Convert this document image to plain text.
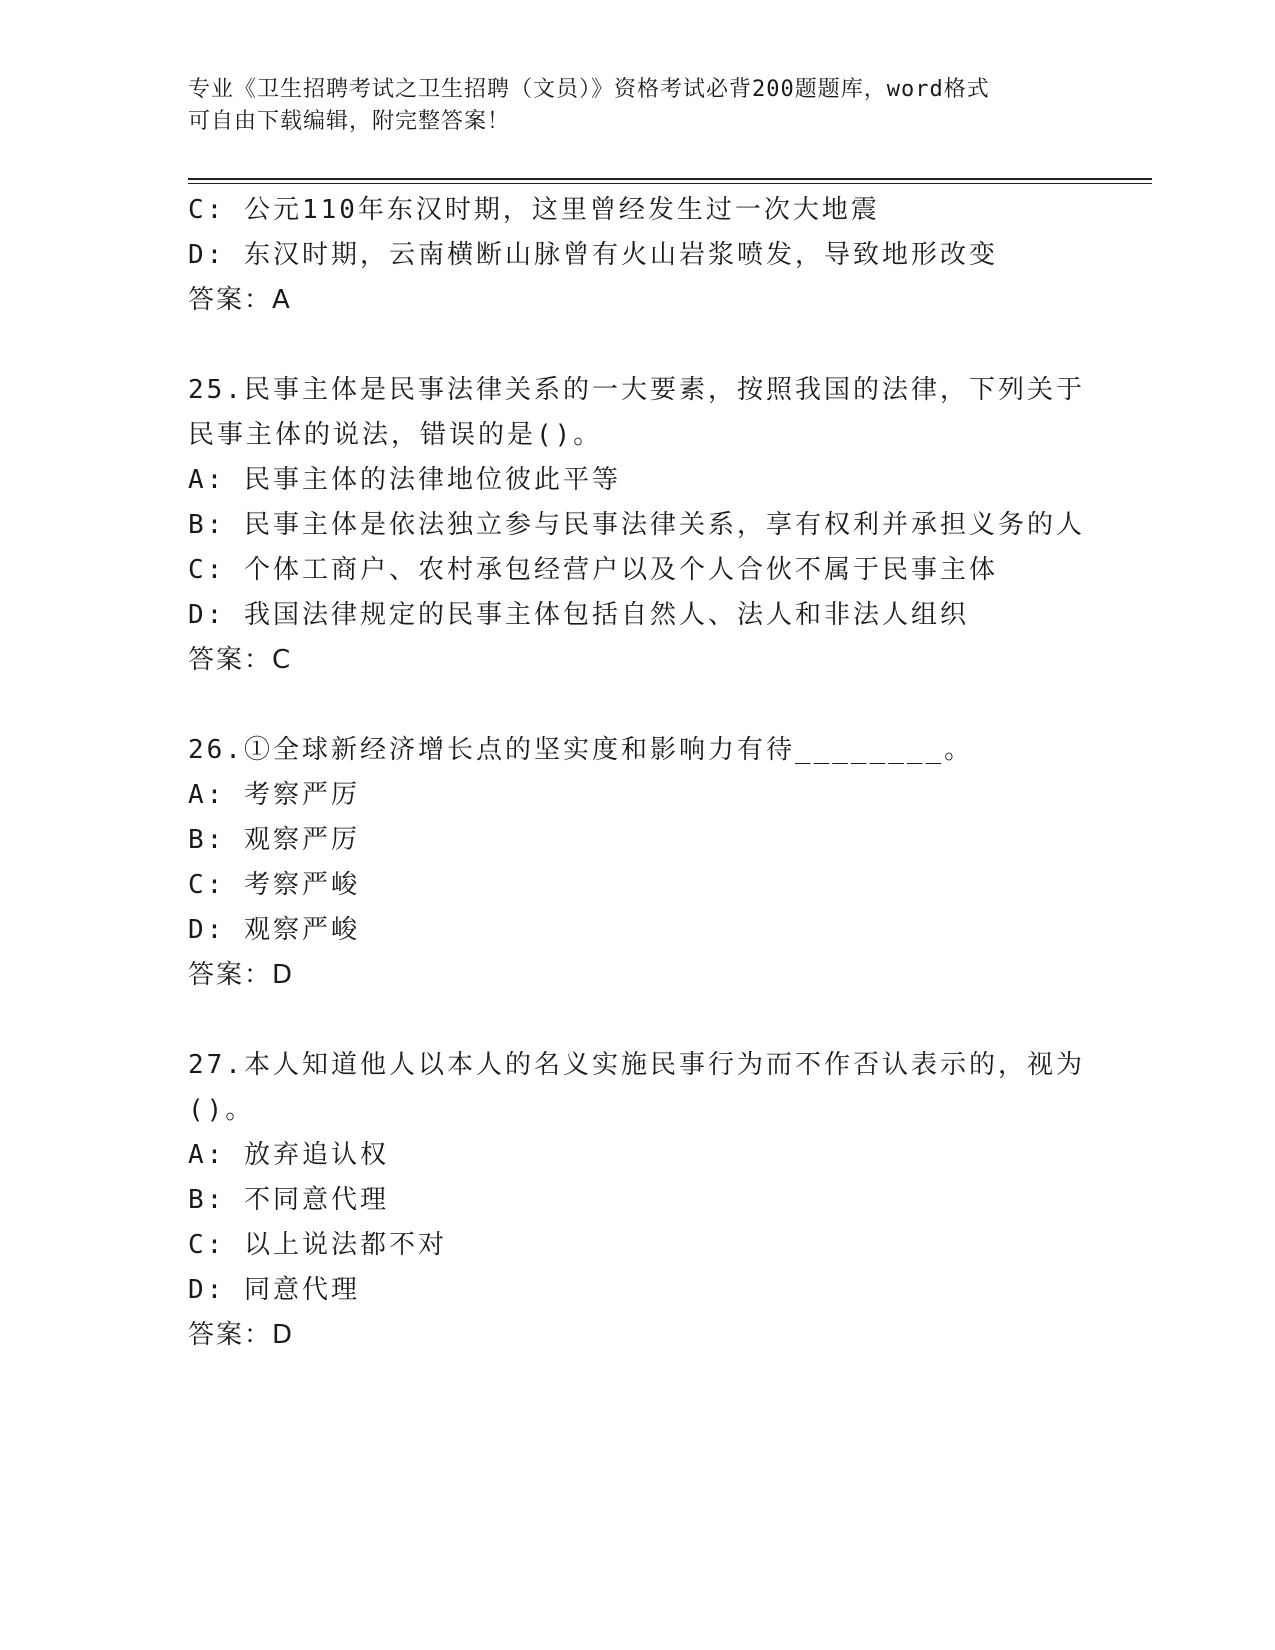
专业《卫生招聘考试之卫生招聘（文员）》资格考试必背200题题库，word格式
可自由下载编辑，附完整答案！
C: 公元110年东汉时期，这里曾经发生过一次大地震
D: 东汉时期，云南横断山脉曾有火山岩浆喷发，导致地形改变
答案：A
25.民事主体是民事法律关系的一大要素，按照我国的法律，下列关于
民事主体的说法，错误的是()。
A: 民事主体的法律地位彼此平等
B: 民事主体是依法独立参与民事法律关系，享有权利并承担义务的人
C: 个体工商户、农村承包经营户以及个人合伙不属于民事主体
D: 我国法律规定的民事主体包括自然人、法人和非法人组织
答案：C
26.①全球新经济增长点的坚实度和影响力有待________。
A: 考察严厉
B: 观察严厉
C: 考察严峻
D: 观察严峻
答案：D
27.本人知道他人以本人的名义实施民事行为而不作否认表示的，视为
()。
A: 放弃追认权
B: 不同意代理
C: 以上说法都不对
D: 同意代理
答案：D
